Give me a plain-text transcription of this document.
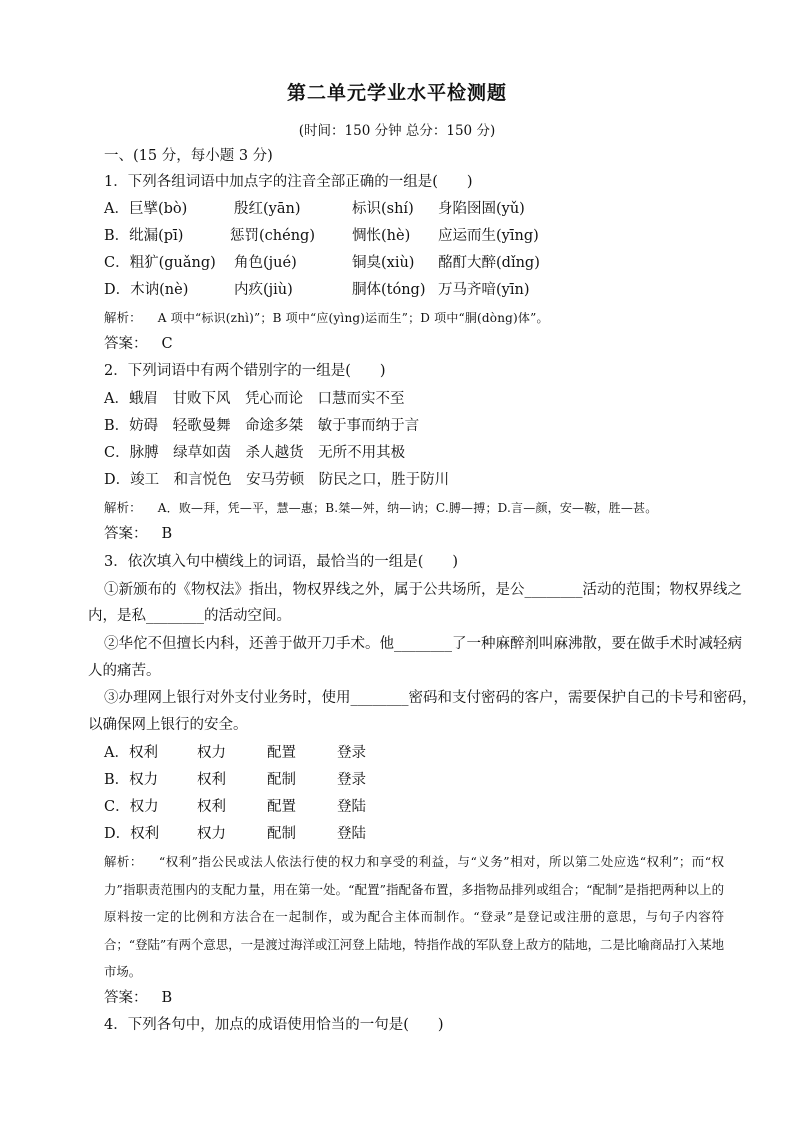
第二单元学业水平检测题
(时间：150 分钟 总分：150 分)
一、(15 分，每小题 3 分)
1．下列各组词语中加点字的注音全部正确的一组是(　　)
A．巨擘(bò)	殷红(yān)	标识(shí) 身陷囹圄(yǔ)
B．纰漏(pī)	惩罚(chéng)	惆怅(hè) 应运而生(yīng)
C．粗犷(guǎng) 角色(jué)	铜臭(xiù) 酩酊大醉(dǐng)
D．木讷(nè)	内疚(jiù)	胴体(tóng) 万马齐喑(yīn)
解析： A 项中“标识(zhì)”；B 项中“应(yìng)运而生”；D 项中“胴(dòng)体”。
答案： C
2．下列词语中有两个错别字的一组是(　　)
A．蛾眉　甘败下风　凭心而论　口慧而实不至
B．妨碍　轻歌曼舞　命途多桀　敏于事而纳于言
C．脉膊　绿草如茵　杀人越货　无所不用其极
D．竣工　和言悦色　安马劳顿　防民之口，胜于防川
解析： A．败—拜，凭—平，慧—惠；B.桀—舛，纳—讷；C.膊—搏；D.言—颜，安—鞍，胜—甚。
答案： B
3．依次填入句中横线上的词语，最恰当的一组是(　　)
①新颁布的《物权法》指出，物权界线之外，属于公共场所，是公________活动的范围；物权界线之
内，是私________的活动空间。
②华佗不但擅长内科，还善于做开刀手术。他________了一种麻醉剂叫麻沸散，要在做手术时减轻病
人的痛苦。
③办理网上银行对外支付业务时，使用________密码和支付密码的客户，需要保护自己的卡号和密码，
以确保网上银行的安全。
A．权利	权力	配置	登录
B．权力	权利	配制	登录
C．权力	权利	配置	登陆
D．权利	权力	配制	登陆
解析： “权利”指公民或法人依法行使的权力和享受的利益，与“义务”相对，所以第二处应选“权利”；而“权力”指职责范围内的支配力量，用在第一处。“配置”指配备布置，多指物品排列或组合；“配制”是指把两种以上的原料按一定的比例和方法合在一起制作，或为配合主体而制作。“登录”是登记或注册的意思，与句子内容符合；“登陆”有两个意思，一是渡过海洋或江河登上陆地，特指作战的军队登上敌方的陆地，二是比喻商品打入某地市场。
答案： B
4．下列各句中，加点的成语使用恰当的一句是(　　)
